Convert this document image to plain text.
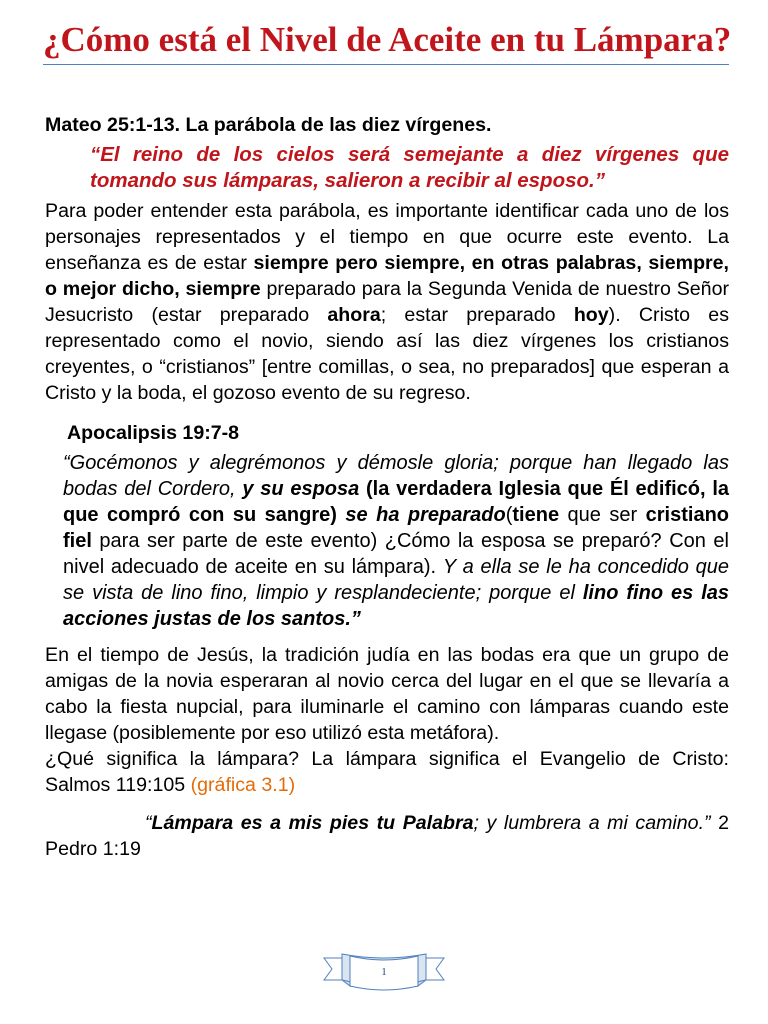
¿Cómo está el Nivel de Aceite en tu Lámpara?

Mateo 25:1-13. La parábola de las diez vírgenes.

“El reino de los cielos será semejante a diez vírgenes que tomando sus lámparas, salieron a recibir al esposo.”

Para poder entender esta parábola, es importante identificar cada uno de los personajes representados y el tiempo en que ocurre este evento. La enseñanza es de estar siempre pero siempre, en otras palabras, siempre, o mejor dicho, siempre preparado para la Segunda Venida de nuestro Señor Jesucristo (estar preparado ahora; estar preparado hoy). Cristo es representado como el novio, siendo así las diez vírgenes los cristianos creyentes, o “cristianos” [entre comillas, o sea, no preparados] que esperan a Cristo y la boda, el gozoso evento de su regreso.

Apocalipsis 19:7-8

“Gocémonos y alegrémonos y démosle gloria; porque han llegado las bodas del Cordero, y su esposa (la verdadera Iglesia que Él edificó, la que compró con su sangre) se ha preparado(tiene que ser cristiano fiel para ser parte de este evento) ¿Cómo la esposa se preparó? Con el nivel adecuado de aceite en su lámpara). Y a ella se le ha concedido que se vista de lino fino, limpio y resplandeciente; porque el lino fino es las acciones justas de los santos.”

En el tiempo de Jesús, la tradición judía en las bodas era que un grupo de amigas de la novia esperaran al novio cerca del lugar en el que se llevaría a cabo la fiesta nupcial, para iluminarle el camino con lámparas cuando este llegase (posiblemente por eso utilizó esta metáfora).

¿Qué significa la lámpara? La lámpara significa el Evangelio de Cristo: Salmos 119:105 (gráfica 3.1)

“Lámpara es a mis pies tu Palabra; y lumbrera a mi camino.” 2 Pedro 1:19

1
